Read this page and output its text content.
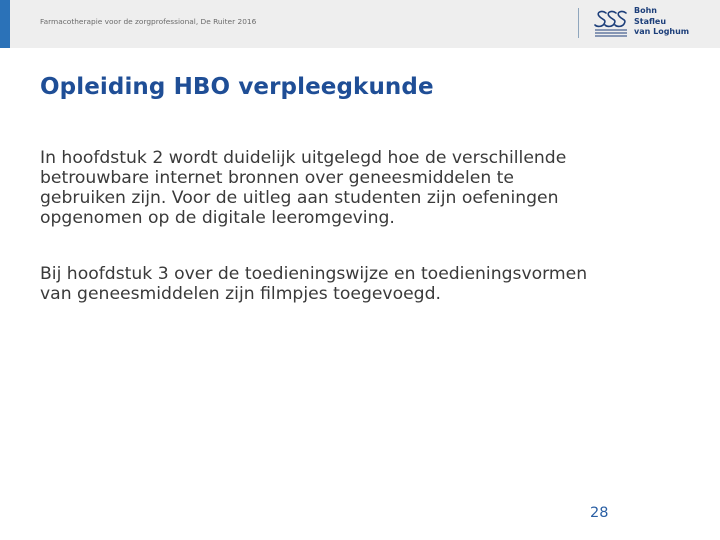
Farmacotherapie voor de zorgprofessional, De Ruiter 2016
Bohn
Stafleu
van Loghum
Opleiding HBO verpleegkunde

In hoofdstuk 2 wordt duidelijk uitgelegd hoe de verschillende
betrouwbare internet bronnen over geneesmiddelen te
gebruiken zijn. Voor de uitleg aan studenten zijn oefeningen
opgenomen op de digitale leeromgeving.

Bij hoofdstuk 3 over de toedieningswijze en toedieningsvormen
van geneesmiddelen zijn filmpjes toegevoegd.

28
